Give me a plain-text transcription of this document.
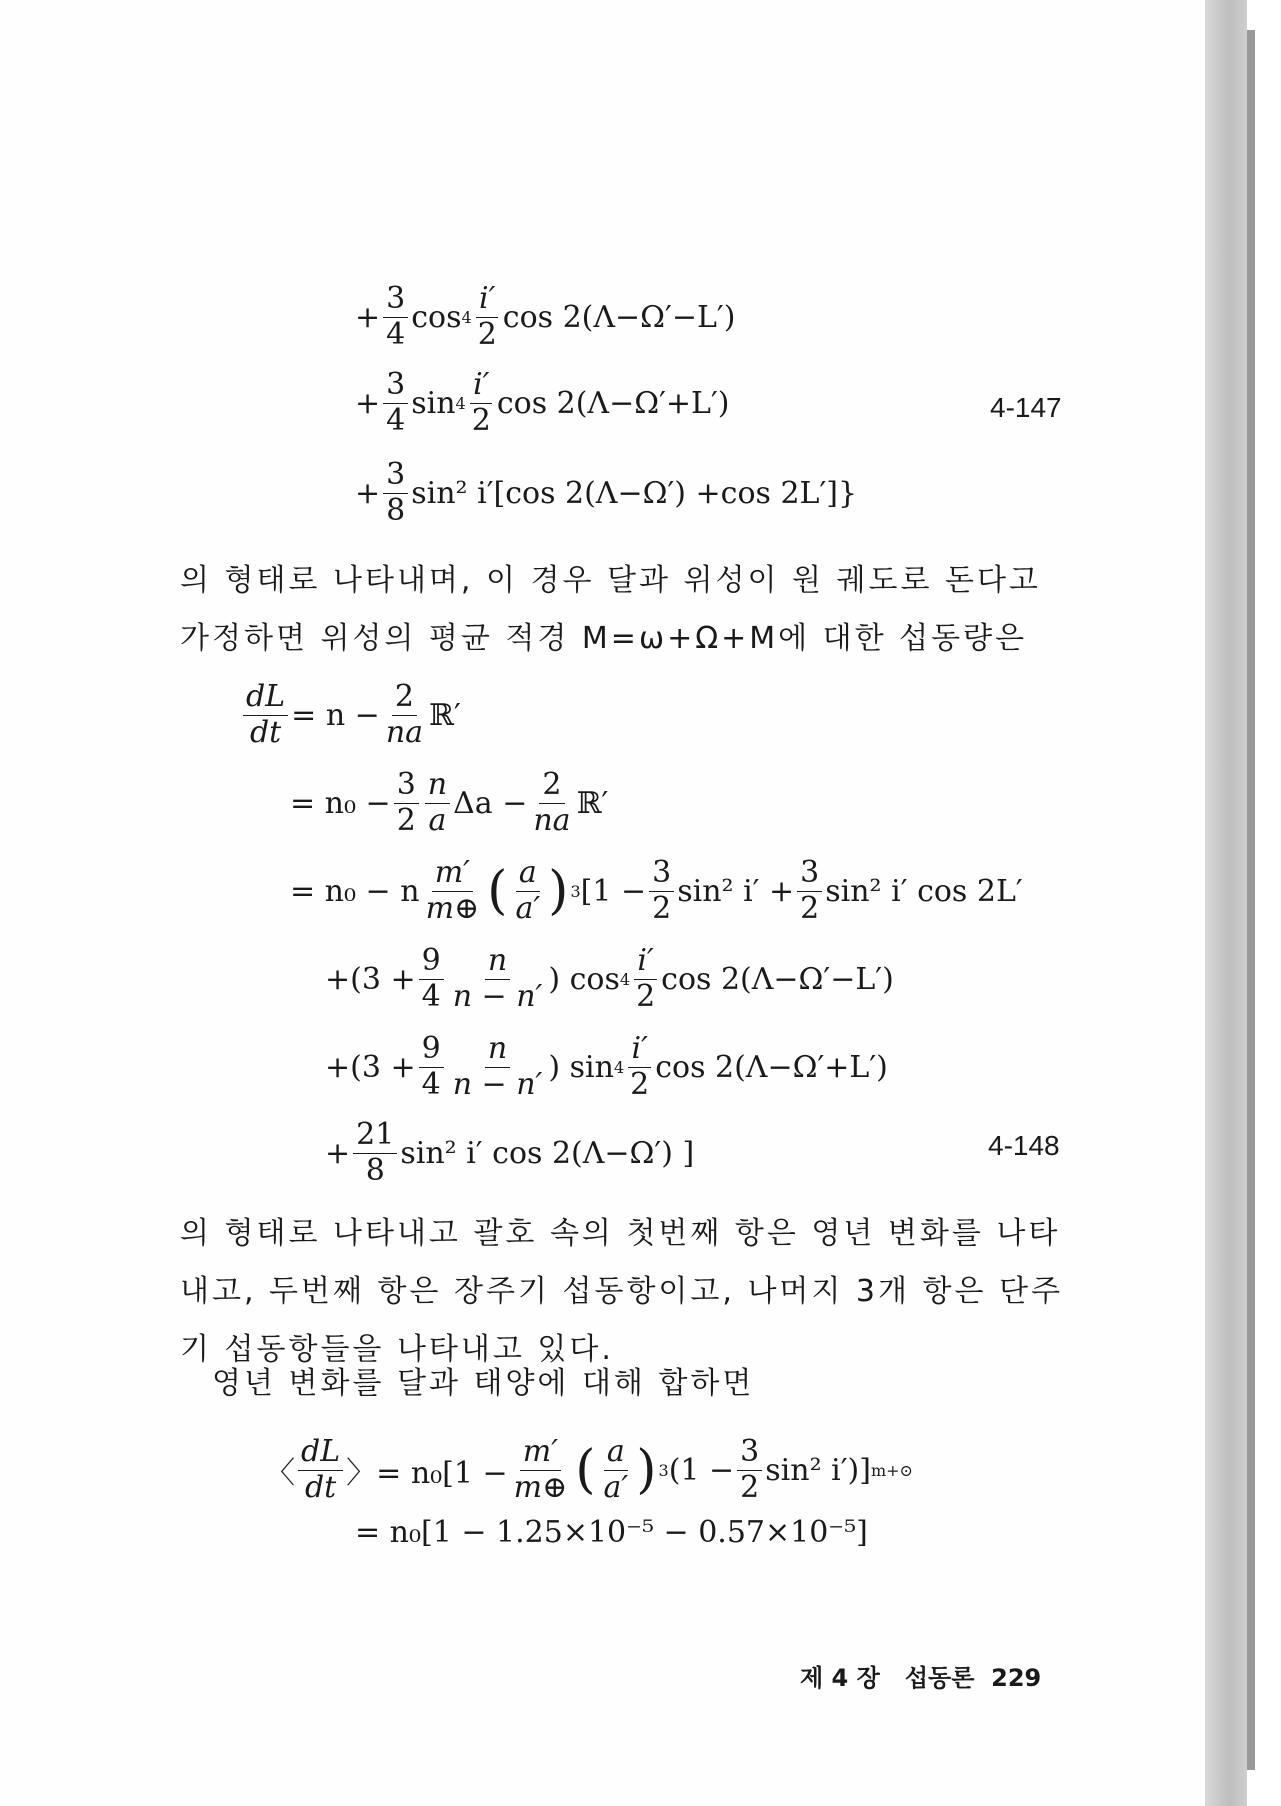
+ $\frac{3}{4}$ $\cos 4 \frac{i'}{2}$ cos 2(Λ−Ω′−L′)
+ $\frac{3}{4}$ $\sin 4 \frac{i'}{2}$ cos 2(Λ−Ω′+L′)
+ $\frac{3}{8} \sin^2$ i′[cos 2(Λ−Ω′) +cos 2L′]}
4-147
의 형태로 나타내며, 이 경우 달과 위성이 원 궤도로 돈다고 가정하면 위성의 평균 적경 M=ω+Ω+M에 대한 섭동량은
$\frac{dL}{dt} = n - \frac{2}{na}$ ℝ′
= $n_0 - \frac{3}{2} \frac{n}{a}$ $\Delta a - \frac{2}{na}$ ℝ′
= n₀ − n $\frac{m'}{m\oplus}$ ( $\frac{a}{a'}$ ) 3 [$1 - \frac{3}{2} \sin^2$ $i' + \frac{3}{2} \sin^2$ i′ cos 2L′
$+(3 + \frac{9}{4} \frac{n}{n - n'}$ ) $\cos 4 \frac{i'}{2}$ cos 2(Λ−Ω′−L′)
$+(3 + \frac{9}{4} \frac{n}{n - n'}$ ) $\sin 4 \frac{i'}{2}$ cos 2(Λ−Ω′+L′)
+ $\frac{21}{8} \sin^2$ i′ cos 2(Λ−Ω′) ]	4-148
의 형태로 나타내고 괄호 속의 첫번째 항은 영년 변화를 나타내고, 두번째 항은 장주기 섭동항이고, 나머지 3개 항은 단주기 섭동항들을 나타내고 있다.
영년 변화를 달과 태양에 대해 합하면
〈 $\frac{dL}{dt}$ 〉= $n_0[1 - \frac{m'}{m\oplus}$ ( $\frac{a}{a'}$ ) 3 ($1 - \frac{3}{2} \sin^2$ i′)] m+⊙
= n₀[1 − 1.25×10⁻⁵ − 0.57×10⁻⁵]
제 4 장 섭동론 229
